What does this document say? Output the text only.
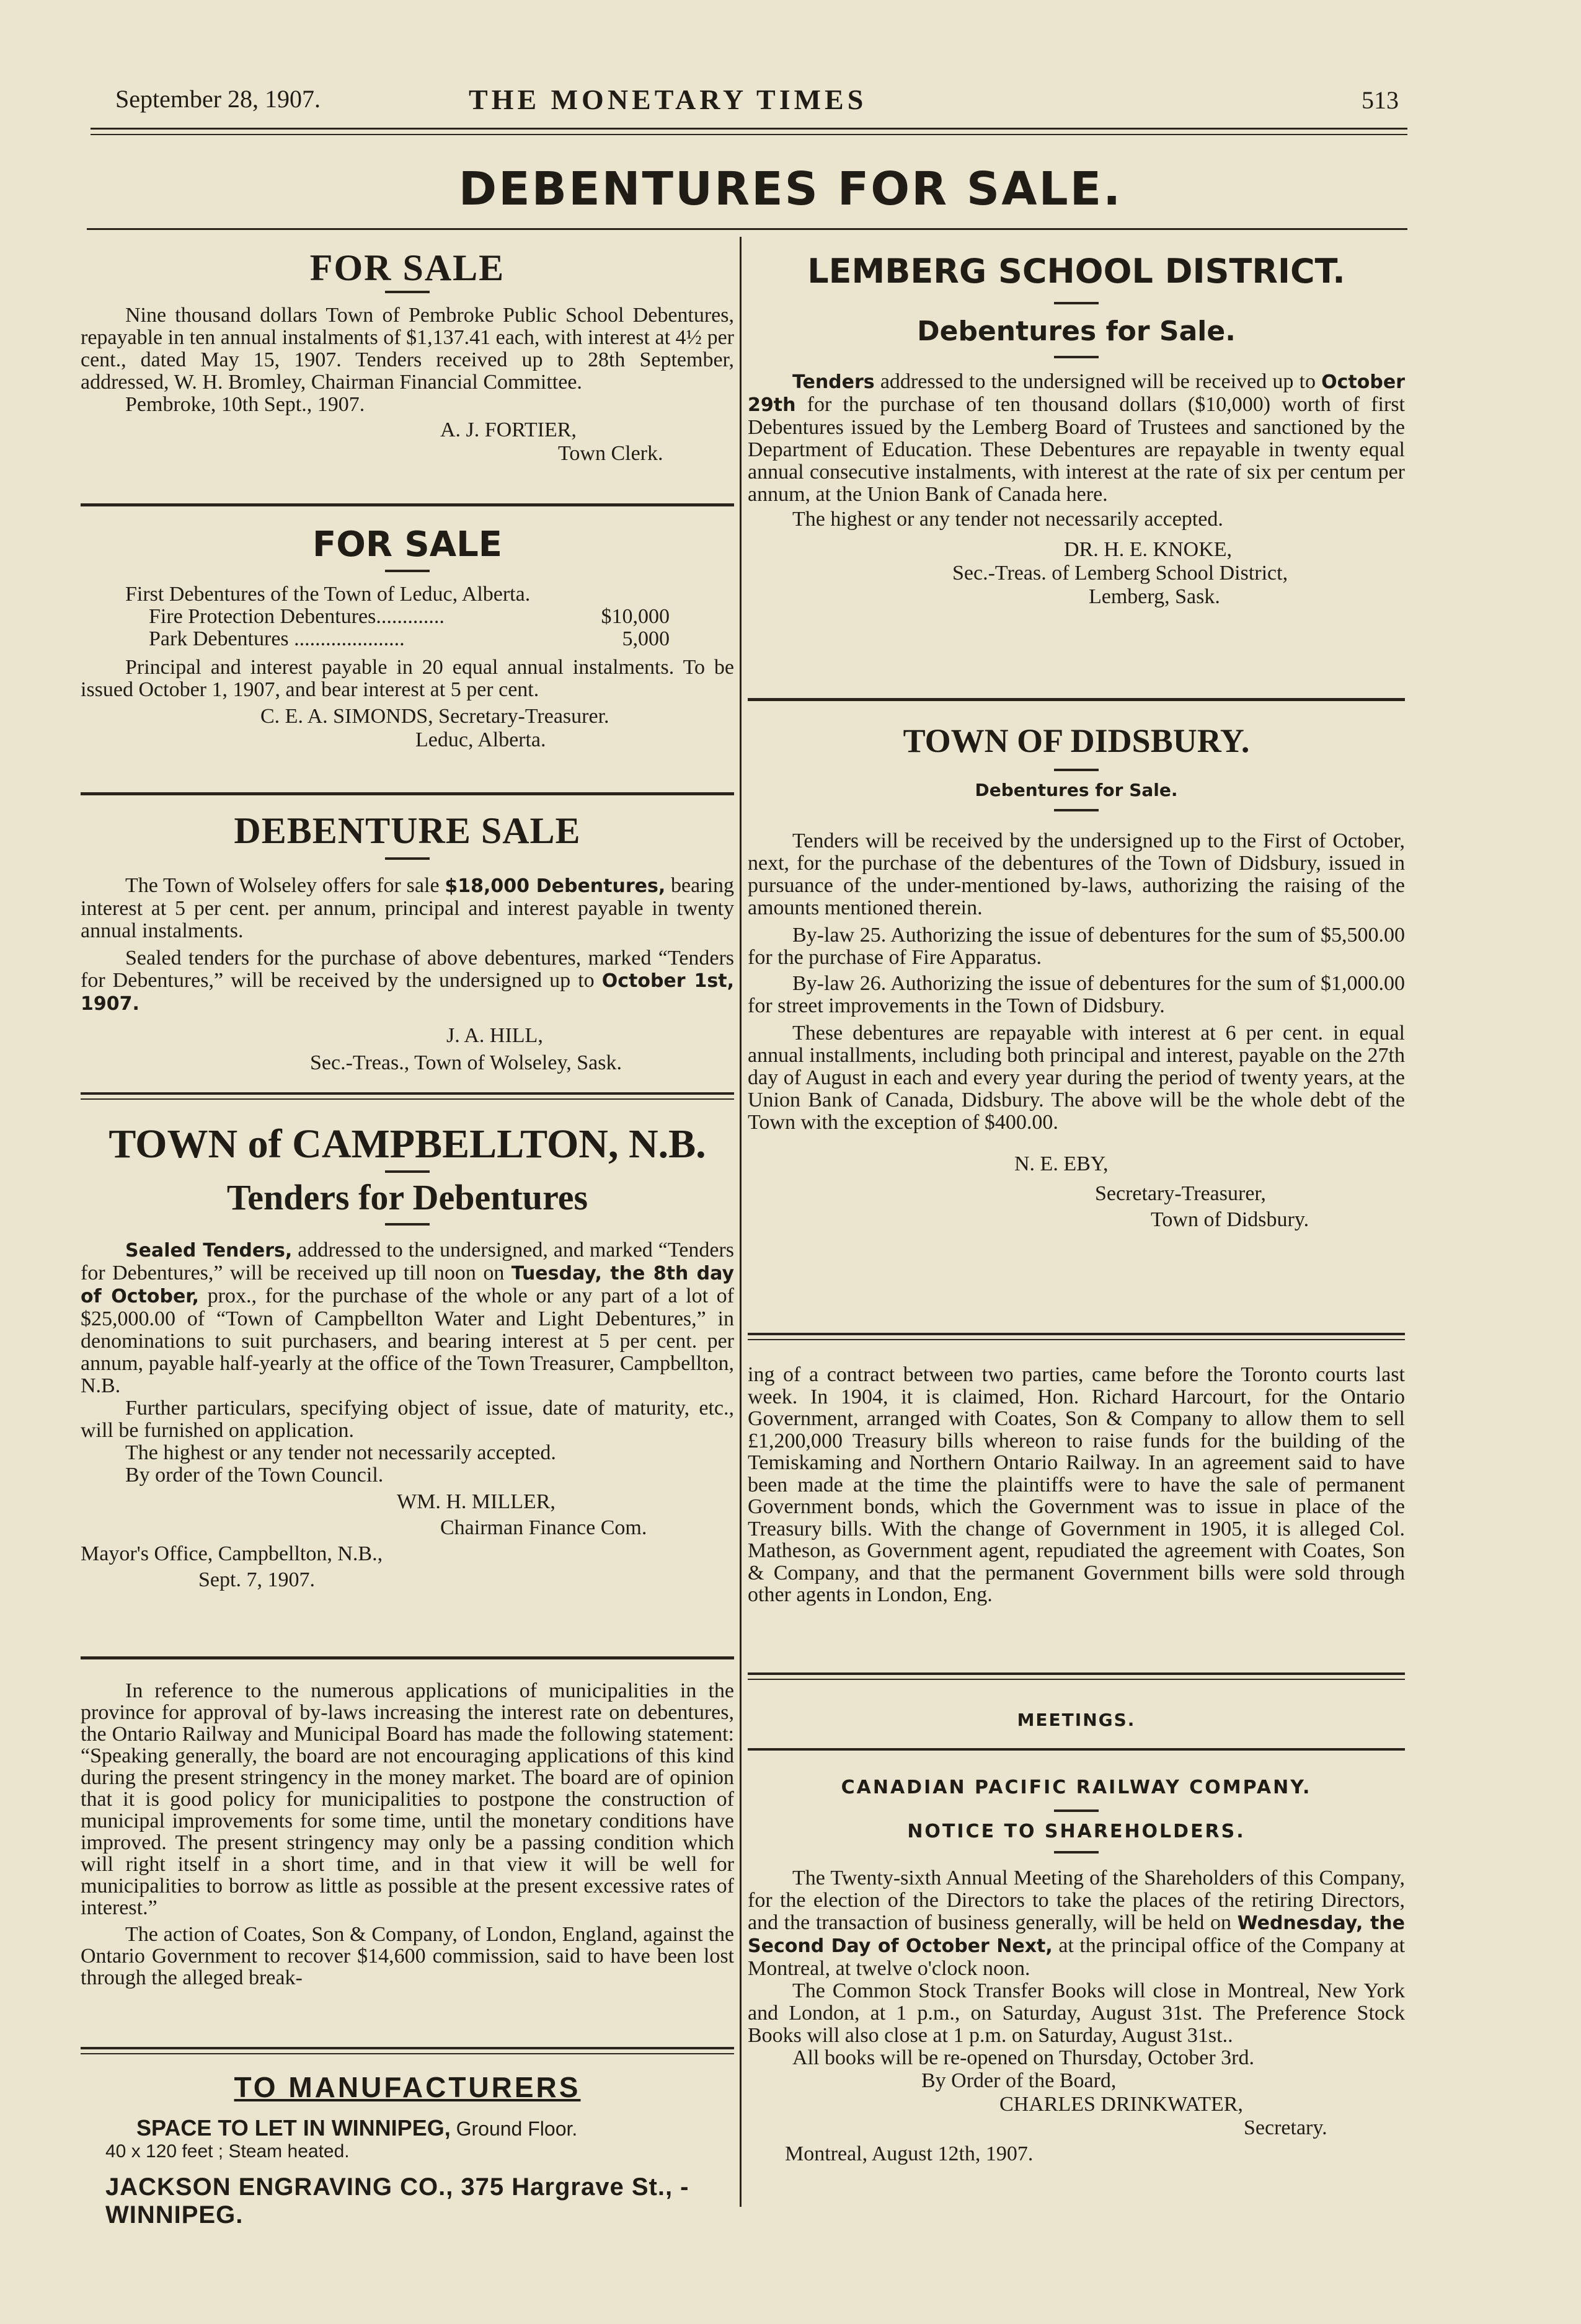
September 28, 1907.	THE MONETARY TIMES	513
DEBENTURES FOR SALE.
FOR SALE

Nine thousand dollars Town of Pembroke Public School Debentures, repayable in ten annual instalments of $1,137.41 each, with interest at 4½ per cent., dated May 15, 1907. Tenders received up to 28th September, addressed, W. H. Bromley, Chairman Financial Committee.

Pembroke, 10th Sept., 1907.

A. J. FORTIER,
Town Clerk.
FOR SALE

First Debentures of the Town of Leduc, Alberta.

Fire Protection Debentures.............	$10,000
Park Debentures .....................	5,000

Principal and interest payable in 20 equal annual instalments. To be issued October 1, 1907, and bear interest at 5 per cent.

C. E. A. SIMONDS, Secretary-Treasurer.
Leduc, Alberta.
DEBENTURE SALE

The Town of Wolseley offers for sale $18,000 Debentures, bearing interest at 5 per cent. per annum, principal and interest payable in twenty annual instalments.

Sealed tenders for the purchase of above debentures, marked “Tenders for Debentures,” will be received by the undersigned up to October 1st, 1907.

J. A. HILL,
Sec.-Treas., Town of Wolseley, Sask.
TOWN of CAMPBELLTON, N.B.
Tenders for Debentures

Sealed Tenders, addressed to the undersigned, and marked “Tenders for Debentures,” will be received up till noon on Tuesday, the 8th day of October, prox., for the purchase of the whole or any part of a lot of $25,000.00 of “Town of Campbellton Water and Light Debentures,” in denominations to suit purchasers, and bearing interest at 5 per cent. per annum, payable half-yearly at the office of the Town Treasurer, Campbellton, N.B.

Further particulars, specifying object of issue, date of maturity, etc., will be furnished on application.

The highest or any tender not necessarily accepted.

By order of the Town Council.

WM. H. MILLER,
Chairman Finance Com.
Mayor's Office, Campbellton, N.B.,
Sept. 7, 1907.

In reference to the numerous applications of municipalities in the province for approval of by-laws increasing the interest rate on debentures, the Ontario Railway and Municipal Board has made the following statement: “Speaking generally, the board are not encouraging applications of this kind during the present stringency in the money market. The board are of opinion that it is good policy for municipalities to postpone the construction of municipal improvements for some time, until the monetary conditions have improved. The present stringency may only be a passing condition which will right itself in a short time, and in that view it will be well for municipalities to borrow as little as possible at the present excessive rates of interest.”

The action of Coates, Son & Company, of London, England, against the Ontario Government to recover $14,600 commission, said to have been lost through the alleged break-

TO MANUFACTURERS
SPACE TO LET IN WINNIPEG, Ground Floor.
40 x 120 feet ; Steam heated.
JACKSON ENGRAVING CO., 375 Hargrave St., - WINNIPEG.
LEMBERG SCHOOL DISTRICT.
Debentures for Sale.

Tenders addressed to the undersigned will be received up to October 29th for the purchase of ten thousand dollars ($10,000) worth of first Debentures issued by the Lemberg Board of Trustees and sanctioned by the Department of Education. These Debentures are repayable in twenty equal annual consecutive instalments, with interest at the rate of six per centum per annum, at the Union Bank of Canada here.

The highest or any tender not necessarily accepted.

DR. H. E. KNOKE,
Sec.-Treas. of Lemberg School District,
Lemberg, Sask.
TOWN OF DIDSBURY.
Debentures for Sale.

Tenders will be received by the undersigned up to the First of October, next, for the purchase of the debentures of the Town of Didsbury, issued in pursuance of the under-mentioned by-laws, authorizing the raising of the amounts mentioned therein.

By-law 25. Authorizing the issue of debentures for the sum of $5,500.00 for the purchase of Fire Apparatus.

By-law 26. Authorizing the issue of debentures for the sum of $1,000.00 for street improvements in the Town of Didsbury.

These debentures are repayable with interest at 6 per cent. in equal annual installments, including both principal and interest, payable on the 27th day of August in each and every year during the period of twenty years, at the Union Bank of Canada, Didsbury. The above will be the whole debt of the Town with the exception of $400.00.

N. E. EBY,
Secretary-Treasurer,
Town of Didsbury.

ing of a contract between two parties, came before the Toronto courts last week. In 1904, it is claimed, Hon. Richard Harcourt, for the Ontario Government, arranged with Coates, Son & Company to allow them to sell £1,200,000 Treasury bills whereon to raise funds for the building of the Temiskaming and Northern Ontario Railway. In an agreement said to have been made at the time the plaintiffs were to have the sale of permanent Government bonds, which the Government was to issue in place of the Treasury bills. With the change of Government in 1905, it is alleged Col. Matheson, as Government agent, repudiated the agreement with Coates, Son & Company, and that the permanent Government bills were sold through other agents in London, Eng.

MEETINGS.
CANADIAN PACIFIC RAILWAY COMPANY.
NOTICE TO SHAREHOLDERS.

The Twenty-sixth Annual Meeting of the Shareholders of this Company, for the election of the Directors to take the places of the retiring Directors, and the transaction of business generally, will be held on Wednesday, the Second Day of October Next, at the principal office of the Company at Montreal, at twelve o'clock noon.

The Common Stock Transfer Books will close in Montreal, New York and London, at 1 p.m., on Saturday, August 31st. The Preference Stock Books will also close at 1 p.m. on Saturday, August 31st..

All books will be re-opened on Thursday, October 3rd.

By Order of the Board,
CHARLES DRINKWATER,
Secretary.
Montreal, August 12th, 1907.
